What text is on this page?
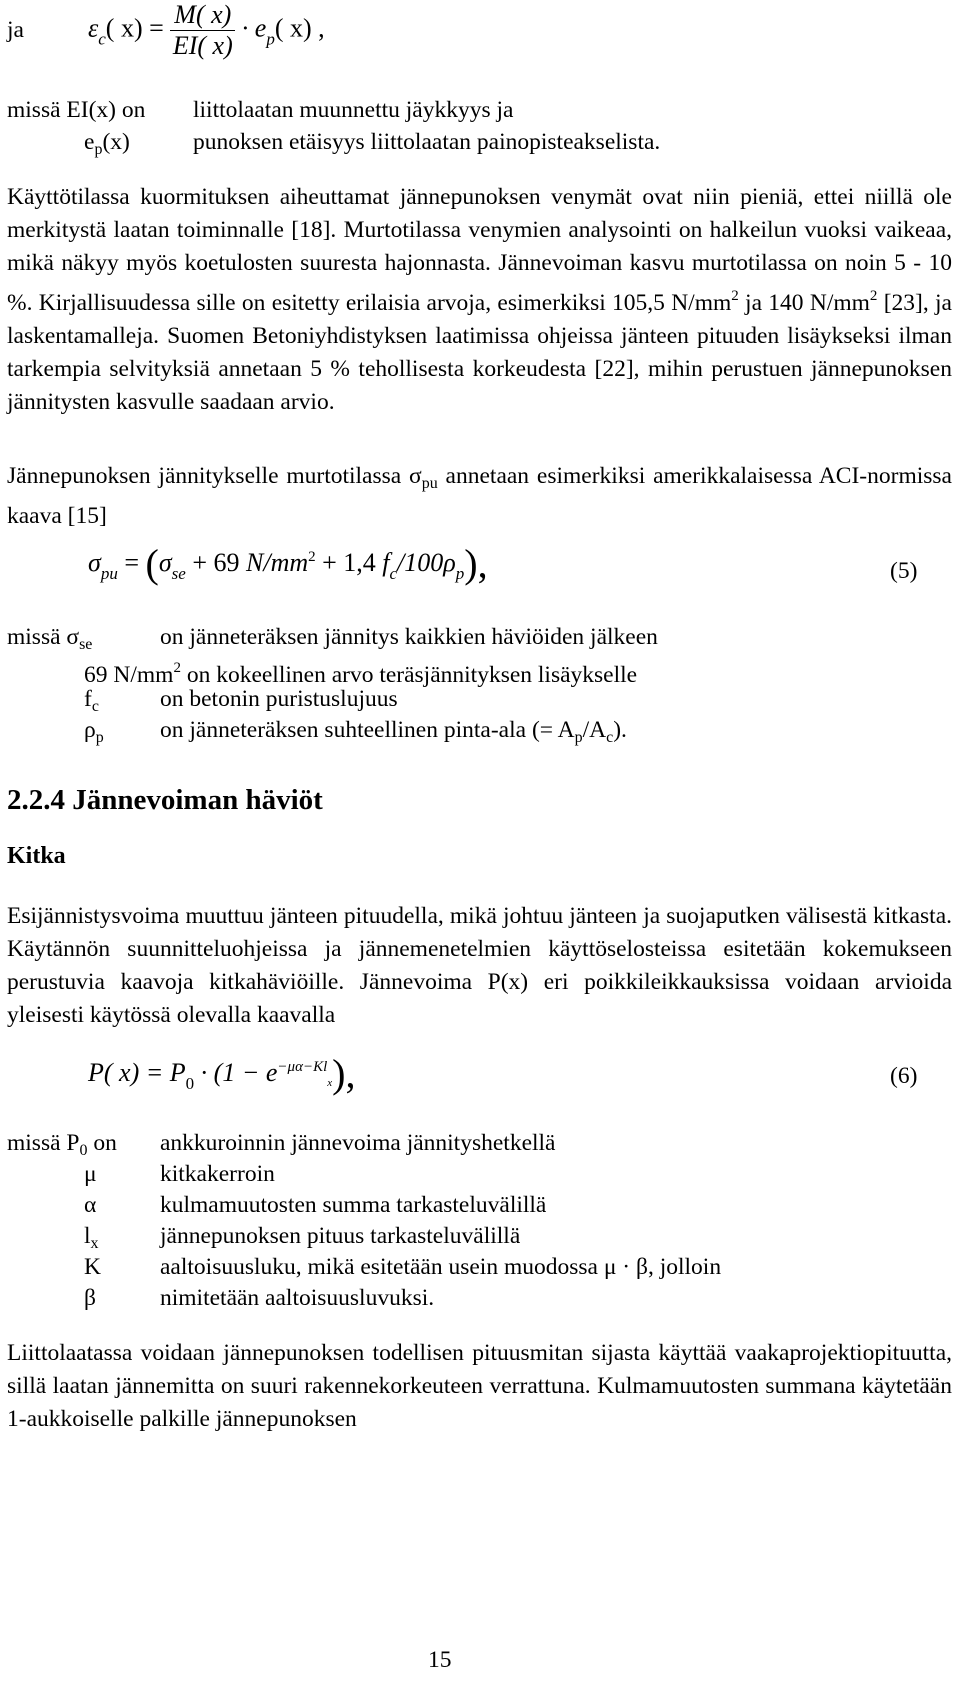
ja $\varepsilon_c$( $x) = \frac{M( x)}{EI( x)} \cdot e_p$( x) ,
missä EI(x) on liittolaatan muunnettu jäykkyys ja
$e_p(x)$	punoksen etäisyys liittolaatan painopisteakselista.

Käyttötilassa kuormituksen aiheuttamat jännepunoksen venymät ovat niin pieniä, ettei niillä ole merkitystä laatan toiminnalle [18]. Murtotilassa venymien analysointi on halkeilun vuoksi vaikeaa, mikä näkyy myös koetulosten suuresta hajonnasta. Jännevoiman kasvu murtotilassa on noin 5 - 10 %. Kirjallisuudessa sille on esitetty erilaisia arvoja, esimerkiksi 105,5 $N/mm^2$ ja 140 $N/mm^2$ [23], ja laskentamalleja. Suomen Betoniyhdistyksen laatimissa ohjeissa jänteen pituuden lisäykseksi ilman tarkempia selvityksiä annetaan 5 % tehollisesta korkeudesta [22], mihin perustuen jännepunoksen jännitysten kasvulle saadaan arvio.

Jännepunoksen jännitykselle murtotilassa $\sigma_{pu}$ annetaan esimerkiksi amerikkalaisessa ACI-normissa kaava [15]

$\sigma_{pu} = (\sigma_{se} + 69$ $N/mm^2 + 1,4$ $f_c/100\rho_p$),	(5)
missä $\sigma_{se}$	on jänneteräksen jännitys kaikkien häviöiden jälkeen
69 $N/mm^2$ on kokeellinen arvo teräsjännityksen lisäykselle
$f_c$	on betonin puristuslujuus
$\rho_p$ on jänneteräksen suhteellinen pinta-ala (= $A_p/A_c$).
2.2.4 Jännevoiman häviöt
Kitka

Esijännistysvoima muuttuu jänteen pituudella, mikä johtuu jänteen ja suojaputken välisestä kitkasta. Käytännön suunnitteluohjeissa ja jännemenetelmien käyttöselosteissa esitetään kokemukseen perustuvia kaavoja kitkahäviöille. Jännevoima P(x) eri poikkileikkauksissa voidaan arvioida yleisesti käytössä olevalla kaavalla

P( $x) = P_0 \cdot (1 - e^{-\mu\alpha-Kl}_x)$,	(6)
missä $P_0$ on ankkuroinnin jännevoima jännityshetkellä
μ	kitkakerroin
α	kulmamuutosten summa tarkasteluvälillä
$l_x$	jännepunoksen pituus tarkasteluvälillä
K	aaltoisuusluku, mikä esitetään usein muodossa μ · β, jolloin
β	nimitetään aaltoisuusluvuksi.

Liittolaatassa voidaan jännepunoksen todellisen pituusmitan sijasta käyttää vaakaprojektiopituutta, sillä laatan jännemitta on suuri rakennekorkeuteen verrattuna. Kulmamuutosten summana käytetään 1-aukkoiselle palkille jännepunoksen

15
